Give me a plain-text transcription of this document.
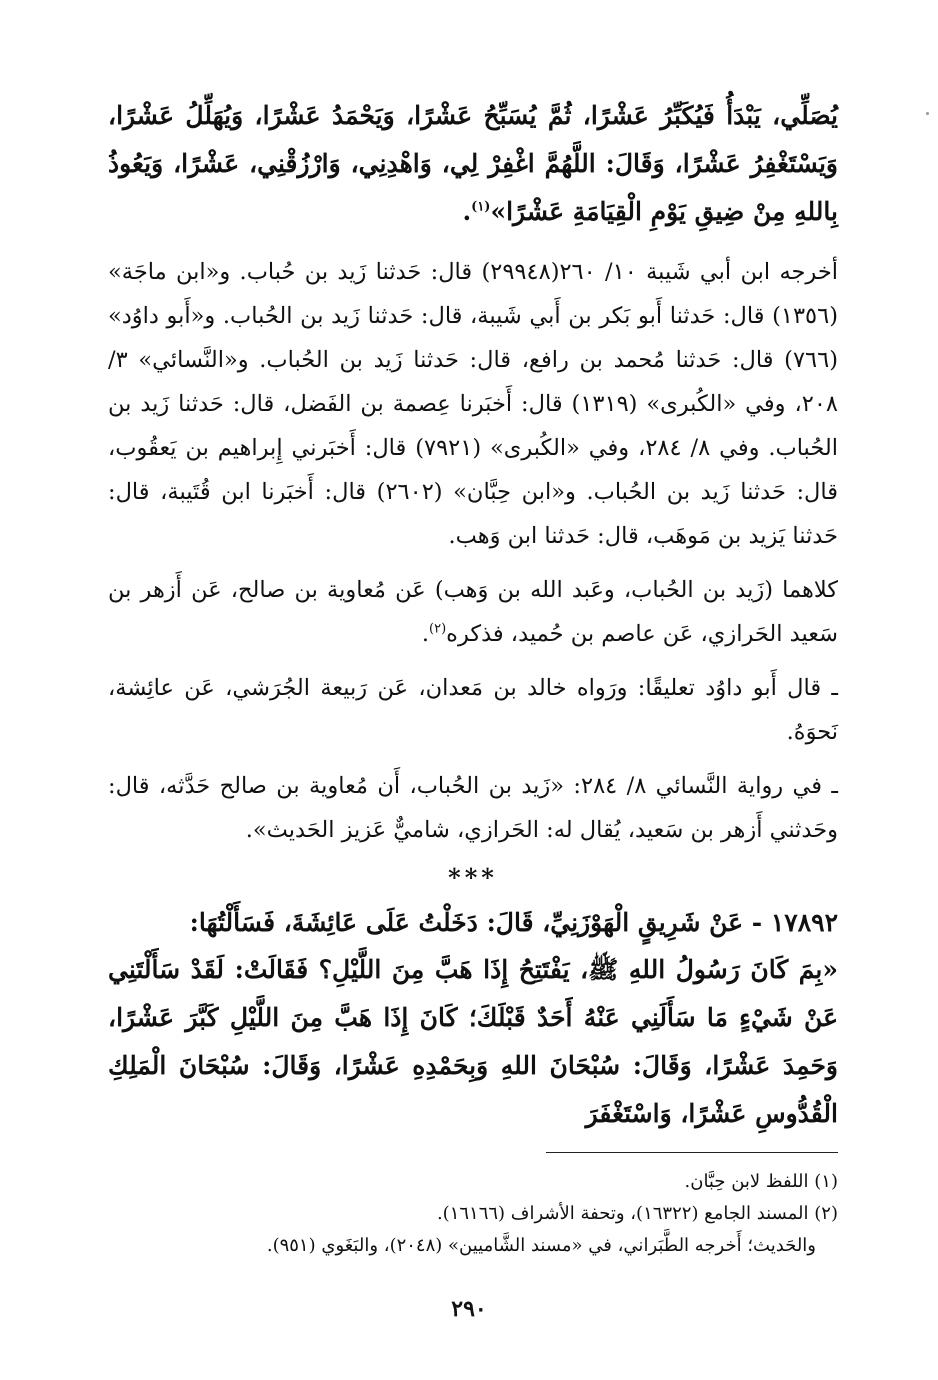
يُصَلِّي، يَبْدَأُ فَيُكَبِّرُ عَشْرًا، ثُمَّ يُسَبِّحُ عَشْرًا، وَيَحْمَدُ عَشْرًا، وَيُهَلِّلُ عَشْرًا، وَيَسْتَغْفِرُ عَشْرًا، وَقَالَ: اللَّهُمَّ اغْفِرْ لِي، وَاهْدِنِي، وَارْزُقْنِي، عَشْرًا، وَيَعُوذُ بِاللهِ مِنْ ضِيقِ يَوْمِ الْقِيَامَةِ عَشْرًا»$^{(١)}$.

أخرجه ابن أبي شَيبة ١٠/ ٢٦٠(٢٩٩٤٨) قال: حَدثنا زَيد بن حُباب. و«ابن ماجَة» (١٣٥٦) قال: حَدثنا أَبو بَكر بن أَبي شَيبة، قال: حَدثنا زَيد بن الحُباب. و«أَبو داوُد» (٧٦٦) قال: حَدثنا مُحمد بن رافع، قال: حَدثنا زَيد بن الحُباب. و«النَّسائي» ٣/ ٢٠٨، وفي «الكُبرى» (١٣١٩) قال: أَخبَرنا عِصمة بن الفَضل، قال: حَدثنا زَيد بن الحُباب. وفي ٨/ ٢٨٤، وفي «الكُبرى» (٧٩٢١) قال: أَخبَرني إِبراهيم بن يَعقُوب، قال: حَدثنا زَيد بن الحُباب. و«ابن حِبَّان» (٢٦٠٢) قال: أَخبَرنا ابن قُتَيبة، قال: حَدثنا يَزيد بن مَوهَب، قال: حَدثنا ابن وَهب.

كلاهما (زَيد بن الحُباب، وعَبد الله بن وَهب) عَن مُعاوية بن صالح، عَن أَزهر بن سَعيد الحَرازي، عَن عاصم بن حُميد، فذكره$^{(٢)}$.

ـ قال أَبو داوُد تعليقًا: ورَواه خالد بن مَعدان، عَن رَبيعة الجُرَشي، عَن عائِشة، نَحوَهُ.

ـ في رواية النَّسائي ٨/ ٢٨٤: «زَيد بن الحُباب، أَن مُعاوية بن صالح حَدَّثه، قال: وحَدثني أَزهر بن سَعيد، يُقال له: الحَرازي، شاميٌّ عَزيز الحَديث».

***

١٧٨٩٢ - عَنْ شَرِيقٍ الْهَوْزَنِيِّ، قَالَ: دَخَلْتُ عَلَى عَائِشَةَ، فَسَأَلْتُهَا:

«بِمَ كَانَ رَسُولُ اللهِ ﷺ، يَفْتَتِحُ إِذَا هَبَّ مِنَ اللَّيْلِ؟ فَقَالَتْ: لَقَدْ سَأَلْتَنِي عَنْ شَيْءٍ مَا سَأَلَنِي عَنْهُ أَحَدٌ قَبْلَكَ؛ كَانَ إِذَا هَبَّ مِنَ اللَّيْلِ كَبَّرَ عَشْرًا، وَحَمِدَ عَشْرًا، وَقَالَ: سُبْحَانَ اللهِ وَبِحَمْدِهِ عَشْرًا، وَقَالَ: سُبْحَانَ الْمَلِكِ الْقُدُّوسِ عَشْرًا، وَاسْتَغْفَرَ

(١) اللفظ لابن حِبَّان.

(٢) المسند الجامع (١٦٣٢٢)، وتحفة الأشراف (١٦١٦٦).

والحَديث؛ أَخرجه الطَّبَراني، في «مسند الشَّاميين» (٢٠٤٨)، والبَغَوي (٩٥١).

٢٩٠
